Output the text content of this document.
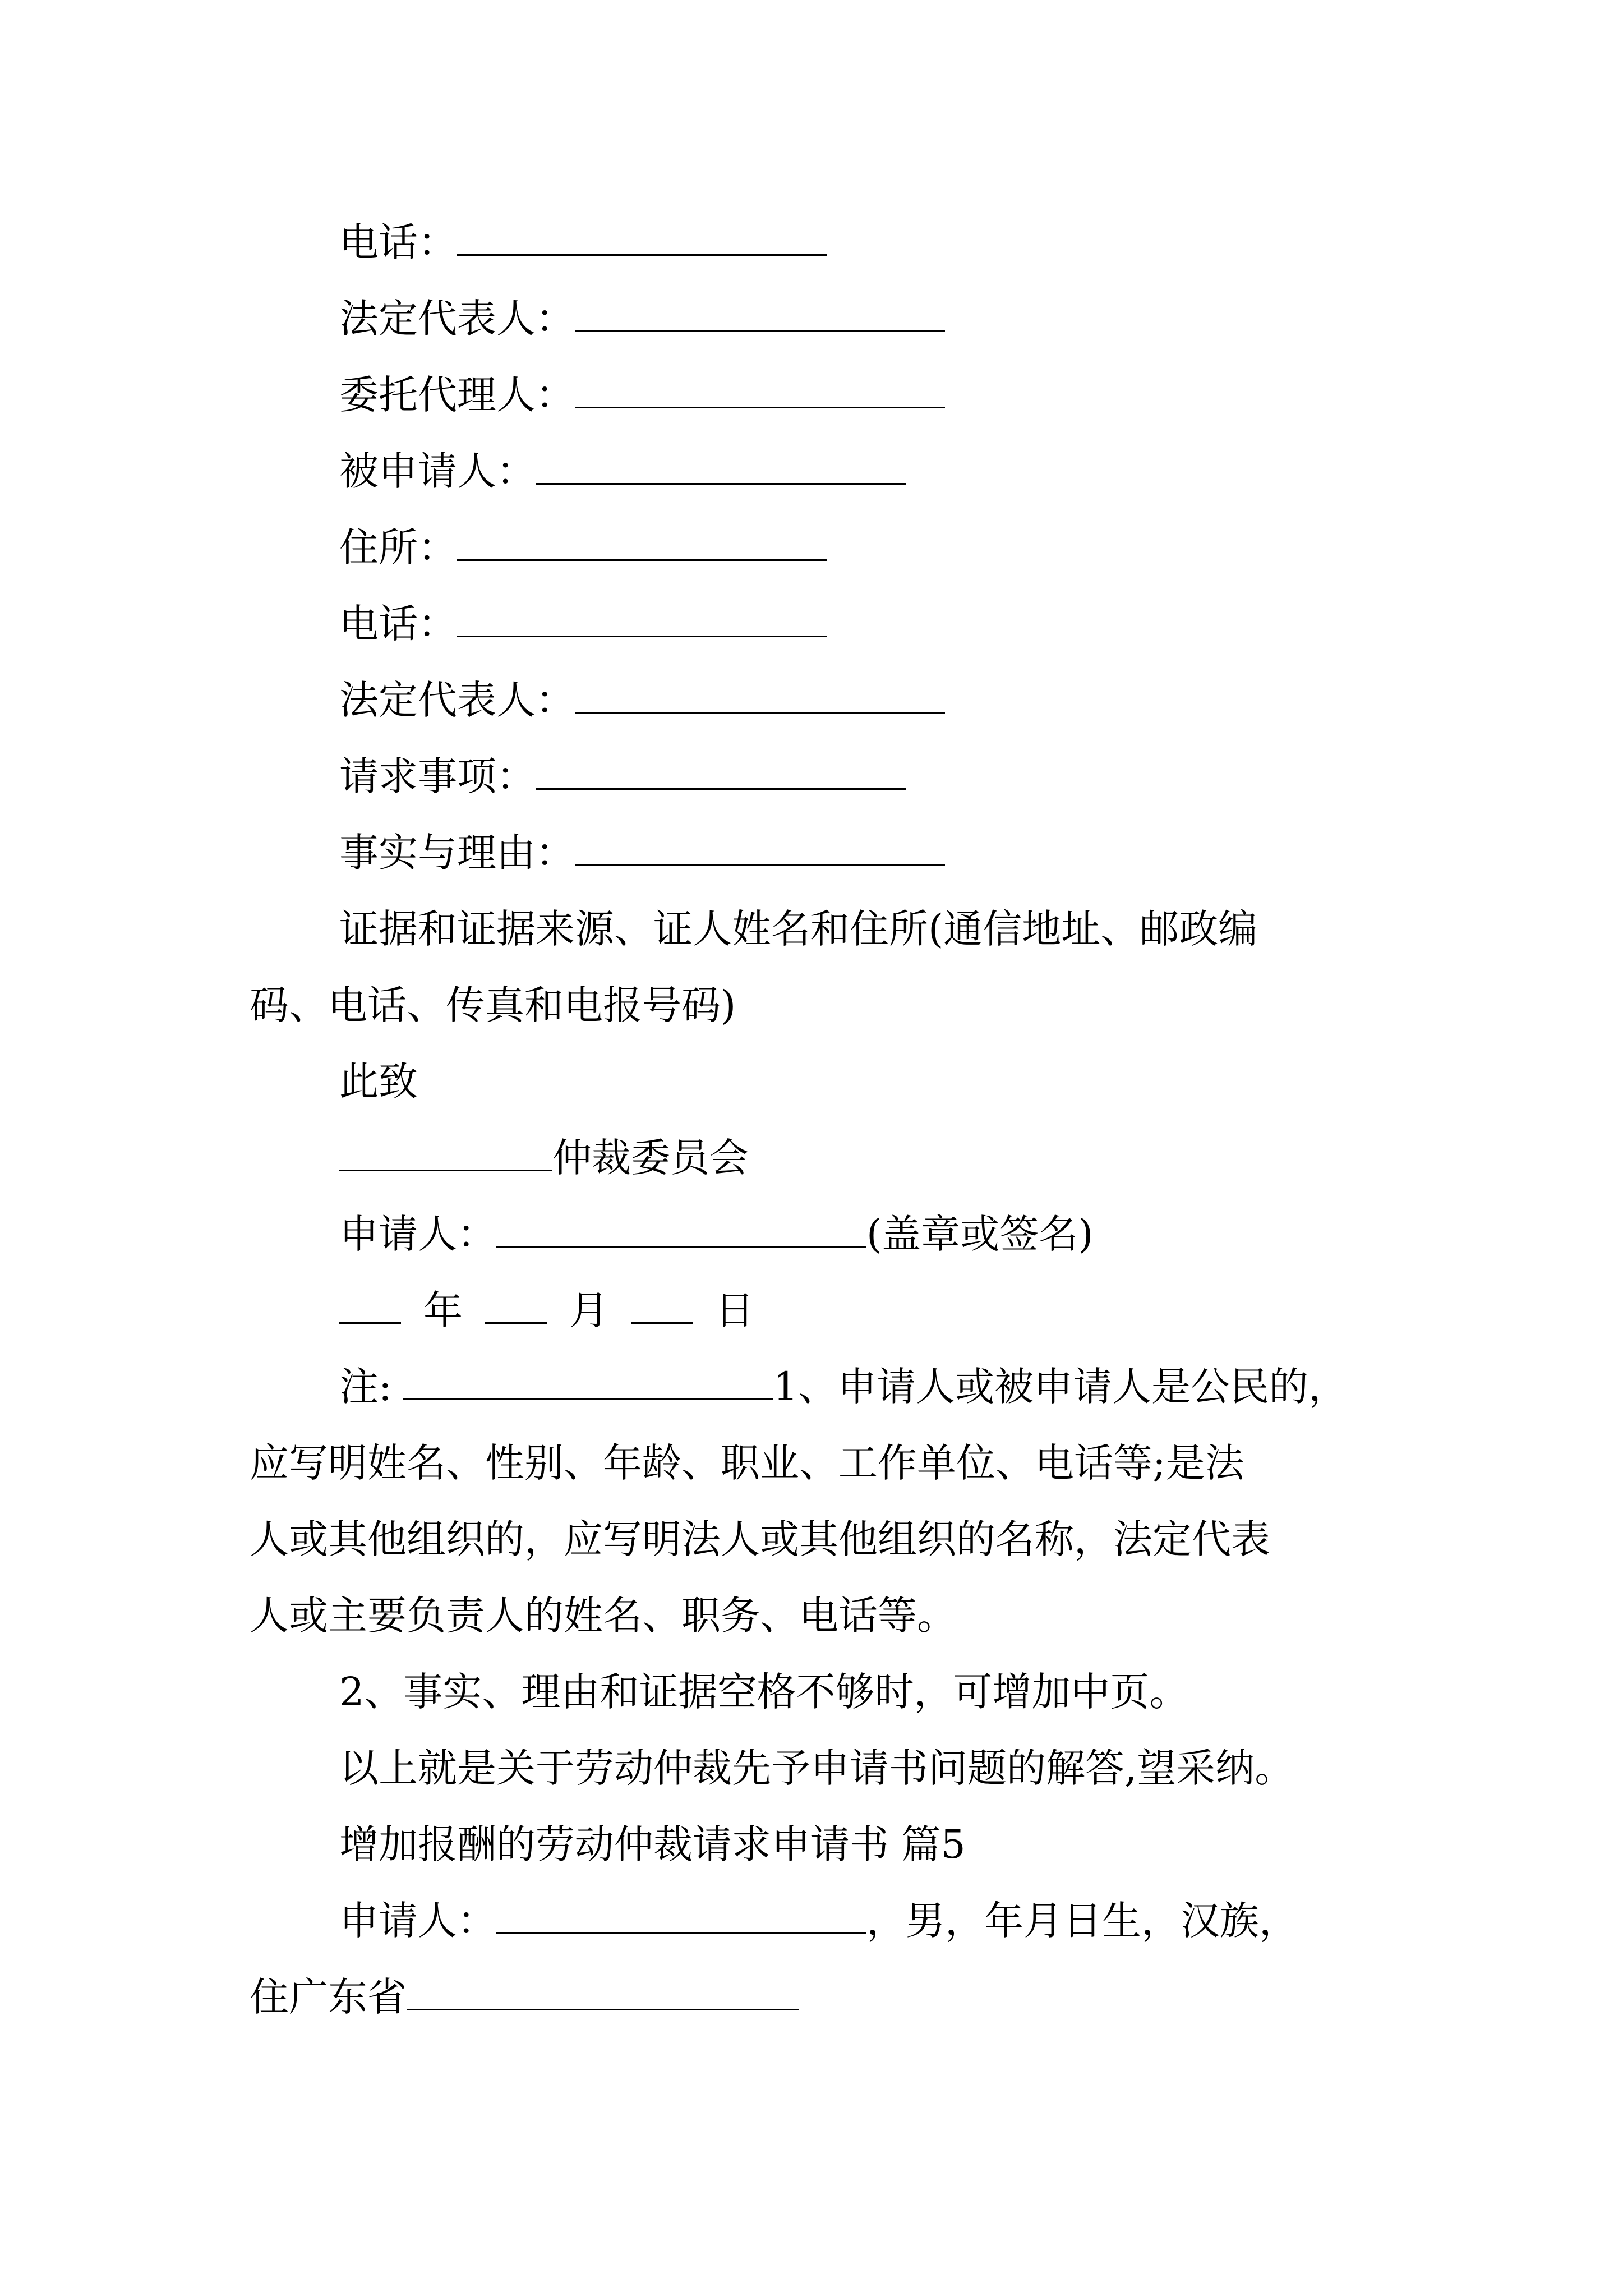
电话：
法定代表人：
委托代理人：
被申请人：
住所：
电话：
法定代表人：
请求事项：
事实与理由：
证据和证据来源、证人姓名和住所(通信地址、邮政编
码、电话、传真和电报号码)
此致
仲裁委员会
申请人：	(盖章或签名)
年	月	日
注:	1、申请人或被申请人是公民的，
应写明姓名、性别、年龄、职业、工作单位、电话等;是法
人或其他组织的，应写明法人或其他组织的名称，法定代表
人或主要负责人的姓名、职务、电话等。
2、事实、理由和证据空格不够时，可增加中页。
以上就是关于劳动仲裁先予申请书问题的解答,望采纳。
增加报酬的劳动仲裁请求申请书 篇5
申请人：	，男，年月日生，汉族，
住广东省
